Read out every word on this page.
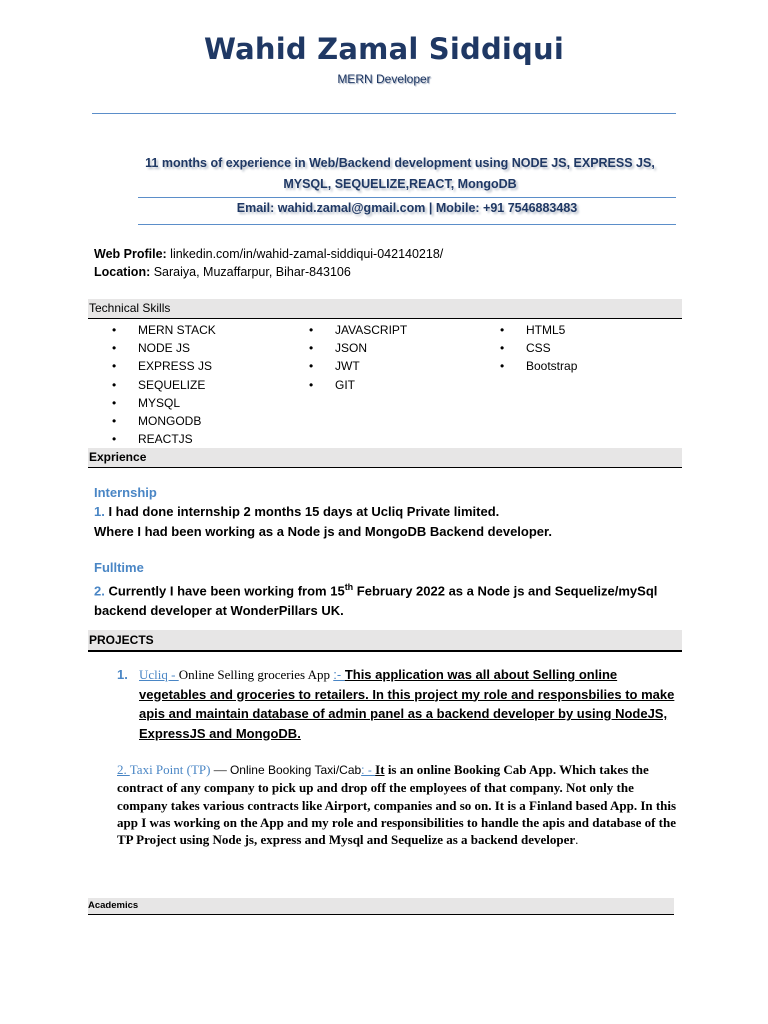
Wahid Zamal Siddiqui
MERN Developer
11 months of experience in Web/Backend development using NODE JS, EXPRESS JS,
MYSQL, SEQUELIZE,REACT, MongoDB
Email: wahid.zamal@gmail.com | Mobile: +91 7546883483
Web Profile: linkedin.com/in/wahid-zamal-siddiqui-042140218/
Location: Saraiya, Muzaffarpur, Bihar-843106
Technical Skills
• MERN STACK
• NODE JS
• EXPRESS JS
• SEQUELIZE
• MYSQL
• MONGODB
• REACTJS
• JAVASCRIPT
• JSON
• JWT
• GIT
• HTML5
• CSS
• Bootstrap
Exprience
Internship
1. I had done internship 2 months 15 days at Ucliq Private limited.
Where I had been working as a Node js and MongoDB Backend developer.
Fulltime
2. Currently I have been working from 15th February 2022 as a Node js and Sequelize/mySql
backend developer at WonderPillars UK.
PROJECTS
1. Ucliq - Online Selling groceries App :- This application was all about Selling online vegetables and groceries to retailers. In this project my role and responsbilies to make apis and maintain database of admin panel as a backend developer by using NodeJS, ExpressJS and MongoDB.
2. Taxi Point (TP) — Online Booking Taxi/Cab: - It is an online Booking Cab App. Which takes the contract of any company to pick up and drop off the employees of that company. Not only the company takes various contracts like Airport, companies and so on. It is a Finland based App. In this app I was working on the App and my role and responsibilities to handle the apis and database of the TP Project using Node js, express and Mysql and Sequelize as a backend developer.
Academics
